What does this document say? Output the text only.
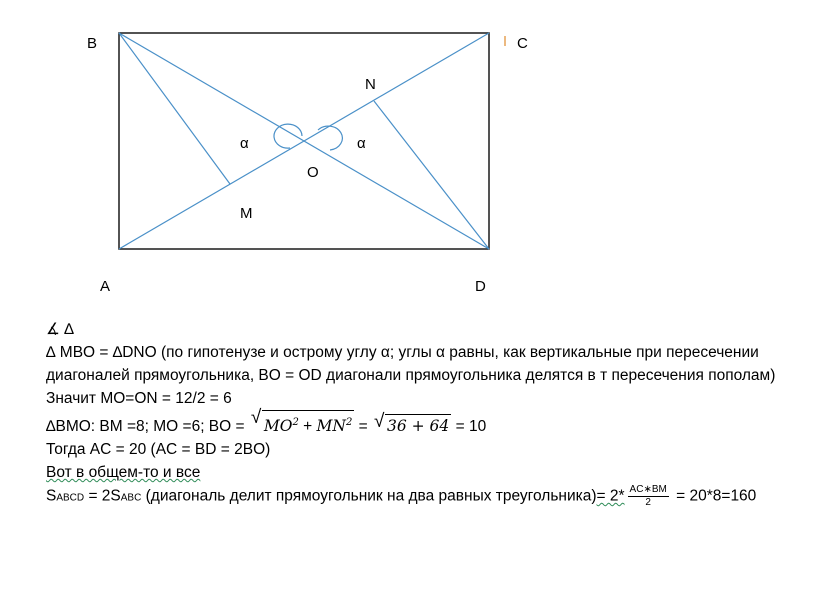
B	C
A	D
N
M
O
α	α
∡ ∆
∆ MBO = ∆DNO (по гипотенузе и острому углу α; углы α равны, как вертикальные при пересечении диагоналей прямоугольника, BO = OD диагонали прямоугольника делятся в т пересечения пополам)
Значит MO=ON = 12/2 = 6
∆BMO: BM =8; MO =6; BO = √ $MO^2 + MN^2$ = √ 36 + 64 = 10
Тогда AC = 20 (AC = BD = 2BO)
Вот в общем-то и все
SABCD = 2SABC (диагональ делит прямоугольник на два равных треугольника)= $2* \frac{AC∗BM}{2} = 20*8=160$
